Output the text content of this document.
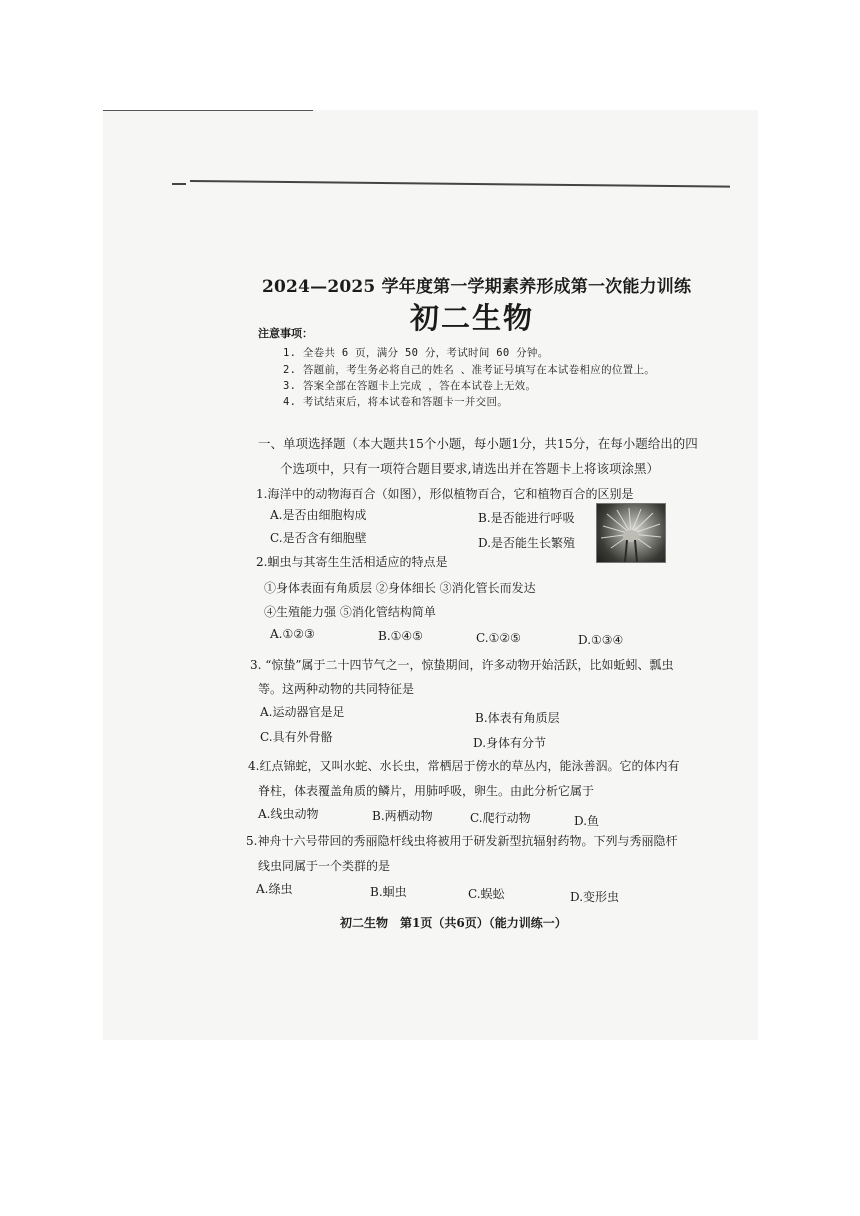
2024—2025 学年度第一学期素养形成第一次能力训练
初二生物
注意事项：
1. 全卷共 6 页，满分 50 分，考试时间 60 分钟。
2. 答题前，考生务必将自己的姓名 、准考证号填写在本试卷相应的位置上。
3. 答案全部在答题卡上完成 ，答在本试卷上无效。
4. 考试结束后，将本试卷和答题卡一并交回。
一、单项选择题（本大题共15个小题，每小题1分，共15分，在每小题给出的四
个选项中，只有一项符合题目要求,请选出并在答题卡上将该项涂黑）
1.海洋中的动物海百合（如图），形似植物百合，它和植物百合的区别是
A.是否由细胞构成	B.是否能进行呼吸
C.是否含有细胞壁	D.是否能生长繁殖
2.蛔虫与其寄生生活相适应的特点是
①身体表面有角质层 ②身体细长 ③消化管长而发达
④生殖能力强 ⑤消化管结构简单
A.①②③	B.①④⑤	C.①②⑤	D.①③④
3. “惊蛰”属于二十四节气之一，惊蛰期间，许多动物开始活跃，比如蚯蚓、瓢虫
等。这两种动物的共同特征是
A.运动器官是足	B.体表有角质层
C.具有外骨骼	D.身体有分节
4.红点锦蛇，又叫水蛇、水长虫，常栖居于傍水的草丛内，能泳善泅。它的体内有
脊柱，体表覆盖角质的鳞片，用肺呼吸，卵生。由此分析它属于
A.线虫动物	B.两栖动物	C.爬行动物	D.鱼
5.神舟十六号带回的秀丽隐杆线虫将被用于研发新型抗辐射药物。下列与秀丽隐杆
线虫同属于一个类群的是
A.绦虫	B.蛔虫	C.蜈蚣	D.变形虫
初二生物　第1页（共6页）（能力训练一）
